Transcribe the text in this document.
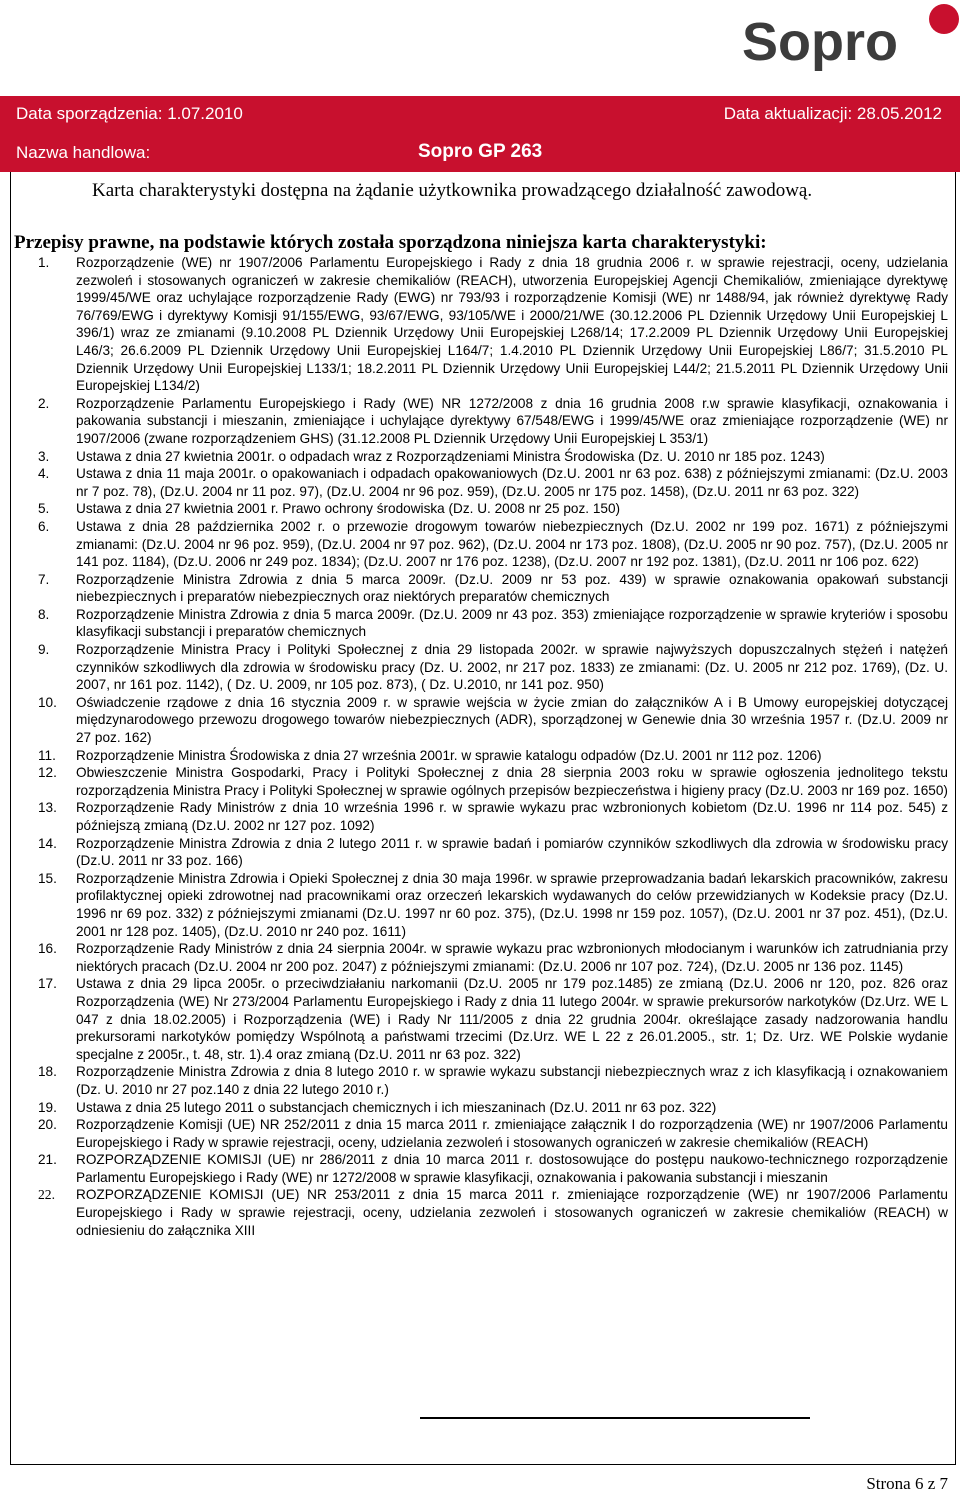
Sopro
Data sporządzenia: 1.07.2010	Data aktualizacji: 28.05.2012
Nazwa handlowa:	Sopro GP 263
Karta charakterystyki dostępna na żądanie użytkownika prowadzącego działalność zawodową.
Przepisy prawne, na podstawie których została sporządzona niniejsza karta charakterystyki:
1.	Rozporządzenie (WE) nr 1907/2006 Parlamentu Europejskiego i Rady z dnia 18 grudnia 2006 r. w sprawie rejestracji, oceny, udzielania zezwoleń i stosowanych ograniczeń w zakresie chemikaliów (REACH), utworzenia Europejskiej Agencji Chemikaliów, zmieniające dyrektywę 1999/45/WE oraz uchylające rozporządzenie Rady (EWG) nr 793/93 i rozporządzenie Komisji (WE) nr 1488/94, jak również dyrektywę Rady 76/769/EWG i dyrektywy Komisji 91/155/EWG, 93/67/EWG, 93/105/WE i 2000/21/WE (30.12.2006 PL Dziennik Urzędowy Unii Europejskiej L 396/1) wraz ze zmianami (9.10.2008 PL Dziennik Urzędowy Unii Europejskiej L268/14; 17.2.2009 PL Dziennik Urzędowy Unii Europejskiej L46/3; 26.6.2009 PL Dziennik Urzędowy Unii Europejskiej L164/7; 1.4.2010 PL Dziennik Urzędowy Unii Europejskiej L86/7; 31.5.2010 PL Dziennik Urzędowy Unii Europejskiej L133/1; 18.2.2011 PL Dziennik Urzędowy Unii Europejskiej L44/2; 21.5.2011 PL Dziennik Urzędowy Unii Europejskiej L134/2)
2.	Rozporządzenie Parlamentu Europejskiego i Rady (WE) NR 1272/2008 z dnia 16 grudnia 2008 r.w sprawie klasyfikacji, oznakowania i pakowania substancji i mieszanin, zmieniające i uchylające dyrektywy 67/548/EWG i 1999/45/WE oraz zmieniające rozporządzenie (WE) nr 1907/2006 (zwane rozporządzeniem GHS) (31.12.2008 PL Dziennik Urzędowy Unii Europejskiej L 353/1)
3.	Ustawa z dnia 27 kwietnia 2001r. o odpadach wraz z Rozporządzeniami Ministra Środowiska (Dz. U. 2010 nr 185 poz. 1243)
4.	Ustawa z dnia 11 maja 2001r. o opakowaniach i odpadach opakowaniowych (Dz.U. 2001 nr 63 poz. 638) z późniejszymi zmianami: (Dz.U. 2003 nr 7 poz. 78), (Dz.U. 2004 nr 11 poz. 97), (Dz.U. 2004 nr 96 poz. 959), (Dz.U. 2005 nr 175 poz. 1458), (Dz.U. 2011 nr 63 poz. 322)
5.	Ustawa z dnia 27 kwietnia 2001 r. Prawo ochrony środowiska (Dz. U. 2008 nr 25 poz. 150)
6.	Ustawa z dnia 28 października 2002 r. o przewozie drogowym towarów niebezpiecznych (Dz.U. 2002 nr 199 poz. 1671) z późniejszymi zmianami: (Dz.U. 2004 nr 96 poz. 959), (Dz.U. 2004 nr 97 poz. 962), (Dz.U. 2004 nr 173 poz. 1808), (Dz.U. 2005 nr 90 poz. 757), (Dz.U. 2005 nr 141 poz. 1184), (Dz.U. 2006 nr 249 poz. 1834); (Dz.U. 2007 nr 176 poz. 1238), (Dz.U. 2007 nr 192 poz. 1381), (Dz.U. 2011 nr 106 poz. 622)
7.	Rozporządzenie Ministra Zdrowia z dnia 5 marca 2009r. (Dz.U. 2009 nr 53 poz. 439) w sprawie oznakowania opakowań substancji niebezpiecznych i preparatów niebezpiecznych oraz niektórych preparatów chemicznych
8.	Rozporządzenie Ministra Zdrowia z dnia 5 marca 2009r. (Dz.U. 2009 nr 43 poz. 353) zmieniające rozporządzenie w sprawie kryteriów i sposobu klasyfikacji substancji i preparatów chemicznych
9.	Rozporządzenie Ministra Pracy i Polityki Społecznej z dnia 29 listopada 2002r. w sprawie najwyższych dopuszczalnych stężeń i natężeń czynników szkodliwych dla zdrowia w środowisku pracy (Dz. U. 2002, nr 217 poz. 1833) ze zmianami: (Dz. U. 2005 nr 212 poz. 1769), (Dz. U. 2007, nr 161 poz. 1142), ( Dz. U. 2009, nr 105 poz. 873), ( Dz. U.2010, nr 141 poz. 950)
10.	Oświadczenie rządowe z dnia 16 stycznia 2009 r. w sprawie wejścia w życie zmian do załączników A i B Umowy europejskiej dotyczącej międzynarodowego przewozu drogowego towarów niebezpiecznych (ADR), sporządzonej w Genewie dnia 30 września 1957 r. (Dz.U. 2009 nr 27 poz. 162)
11.	Rozporządzenie Ministra Środowiska z dnia 27 września 2001r. w sprawie katalogu odpadów (Dz.U. 2001 nr 112 poz. 1206)
12.	Obwieszczenie Ministra Gospodarki, Pracy i Polityki Społecznej z dnia 28 sierpnia 2003 roku w sprawie ogłoszenia jednolitego tekstu rozporządzenia Ministra Pracy i Polityki Społecznej w sprawie ogólnych przepisów bezpieczeństwa i higieny pracy (Dz.U. 2003 nr 169 poz. 1650)
13.	Rozporządzenie Rady Ministrów z dnia 10 września 1996 r. w sprawie wykazu prac wzbronionych kobietom (Dz.U. 1996 nr 114 poz. 545) z późniejszą zmianą (Dz.U. 2002 nr 127 poz. 1092)
14.	Rozporządzenie Ministra Zdrowia z dnia 2 lutego 2011 r. w sprawie badań i pomiarów czynników szkodliwych dla zdrowia w środowisku pracy (Dz.U. 2011 nr 33 poz. 166)
15.	Rozporządzenie Ministra Zdrowia i Opieki Społecznej z dnia 30 maja 1996r. w sprawie przeprowadzania badań lekarskich pracowników, zakresu profilaktycznej opieki zdrowotnej nad pracownikami oraz orzeczeń lekarskich wydawanych do celów przewidzianych w Kodeksie pracy (Dz.U. 1996 nr 69 poz. 332) z późniejszymi zmianami (Dz.U. 1997 nr 60 poz. 375), (Dz.U. 1998 nr 159 poz. 1057), (Dz.U. 2001 nr 37 poz. 451), (Dz.U. 2001 nr 128 poz. 1405), (Dz.U. 2010 nr 240 poz. 1611)
16.	Rozporządzenie Rady Ministrów z dnia 24 sierpnia 2004r. w sprawie wykazu prac wzbronionych młodocianym i warunków ich zatrudniania przy niektórych pracach (Dz.U. 2004 nr 200 poz. 2047) z późniejszymi zmianami: (Dz.U. 2006 nr 107 poz. 724), (Dz.U. 2005 nr 136 poz. 1145)
17.	Ustawa z dnia 29 lipca 2005r. o przeciwdziałaniu narkomanii (Dz.U. 2005 nr 179 poz.1485) ze zmianą (Dz.U. 2006 nr 120, poz. 826 oraz Rozporządzenia (WE) Nr 273/2004 Parlamentu Europejskiego i Rady z dnia 11 lutego 2004r. w sprawie prekursorów narkotyków (Dz.Urz. WE L 047 z dnia 18.02.2005) i Rozporządzenia (WE) i Rady Nr 111/2005 z dnia 22 grudnia 2004r. określające zasady nadzorowania handlu prekursorami narkotyków pomiędzy Wspólnotą a państwami trzecimi (Dz.Urz. WE L 22 z 26.01.2005., str. 1; Dz. Urz. WE Polskie wydanie specjalne z 2005r., t. 48, str. 1).4 oraz zmianą (Dz.U. 2011 nr 63 poz. 322)
18.	Rozporządzenie Ministra Zdrowia z dnia 8 lutego 2010 r. w sprawie wykazu substancji niebezpiecznych wraz z ich klasyfikacją i oznakowaniem (Dz. U. 2010 nr 27 poz.140 z dnia 22 lutego 2010 r.)
19.	Ustawa z dnia 25 lutego 2011 o substancjach chemicznych i ich mieszaninach (Dz.U. 2011 nr 63 poz. 322)
20.	Rozporządzenie Komisji (UE) NR 252/2011 z dnia 15 marca 2011 r. zmieniające załącznik I do rozporządzenia (WE) nr 1907/2006 Parlamentu Europejskiego i Rady w sprawie rejestracji, oceny, udzielania zezwoleń i stosowanych ograniczeń w zakresie chemikaliów (REACH)
21.	ROZPORZĄDZENIE KOMISJI (UE) nr 286/2011 z dnia 10 marca 2011 r. dostosowujące do postępu naukowo-technicznego rozporządzenie Parlamentu Europejskiego i Rady (WE) nr 1272/2008 w sprawie klasyfikacji, oznakowania i pakowania substancji i mieszanin
22.	ROZPORZĄDZENIE KOMISJI (UE) NR 253/2011 z dnia 15 marca 2011 r. zmieniające rozporządzenie (WE) nr 1907/2006 Parlamentu Europejskiego i Rady w sprawie rejestracji, oceny, udzielania zezwoleń i stosowanych ograniczeń w zakresie chemikaliów (REACH) w odniesieniu do załącznika XIII
Strona 6 z 7
